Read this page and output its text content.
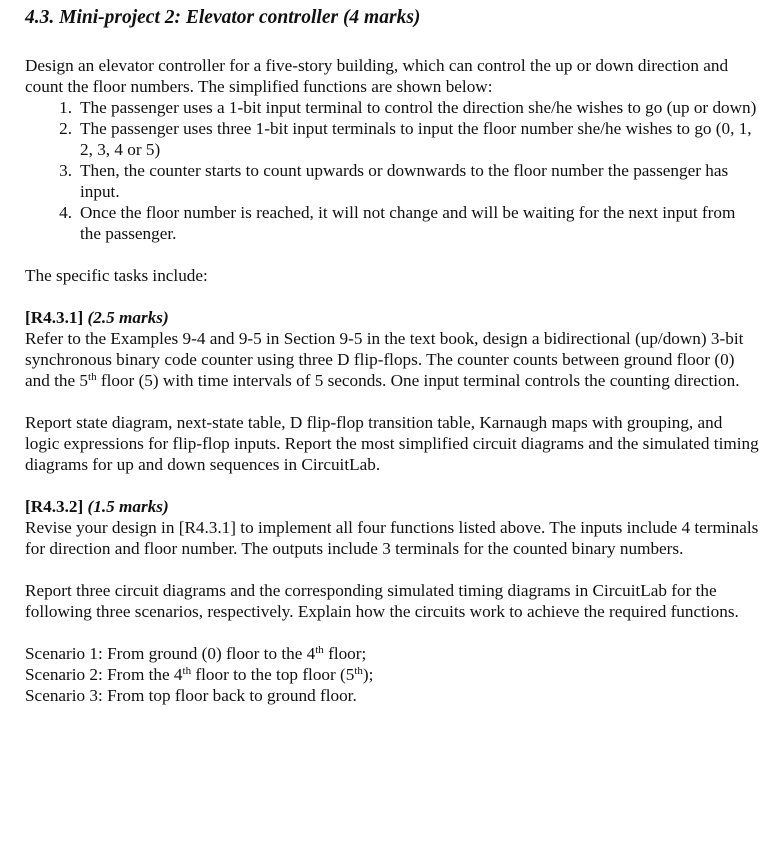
4.3. Mini-project 2: Elevator controller (4 marks)

Design an elevator controller for a five-story building, which can control the up or down direction and count the floor numbers. The simplified functions are shown below:

1. The passenger uses a 1-bit input terminal to control the direction she/he wishes to go (up or down)
2. The passenger uses three 1-bit input terminals to input the floor number she/he wishes to go (0, 1, 2, 3, 4 or 5)
3. Then, the counter starts to count upwards or downwards to the floor number the passenger has input.
4. Once the floor number is reached, it will not change and will be waiting for the next input from the passenger.

The specific tasks include:

[R4.3.1] (2.5 marks)

Refer to the Examples 9-4 and 9-5 in Section 9-5 in the text book, design a bidirectional (up/down) 3-bit synchronous binary code counter using three D flip-flops. The counter counts between ground floor (0) and the 5th floor (5) with time intervals of 5 seconds. One input terminal controls the counting direction.

Report state diagram, next-state table, D flip-flop transition table, Karnaugh maps with grouping, and logic expressions for flip-flop inputs. Report the most simplified circuit diagrams and the simulated timing diagrams for up and down sequences in CircuitLab.

[R4.3.2] (1.5 marks)

Revise your design in [R4.3.1] to implement all four functions listed above. The inputs include 4 terminals for direction and floor number. The outputs include 3 terminals for the counted binary numbers.

Report three circuit diagrams and the corresponding simulated timing diagrams in CircuitLab for the following three scenarios, respectively. Explain how the circuits work to achieve the required functions.

Scenario 1: From ground (0) floor to the 4th floor;

Scenario 2: From the 4th floor to the top floor (5th);

Scenario 3: From top floor back to ground floor.
